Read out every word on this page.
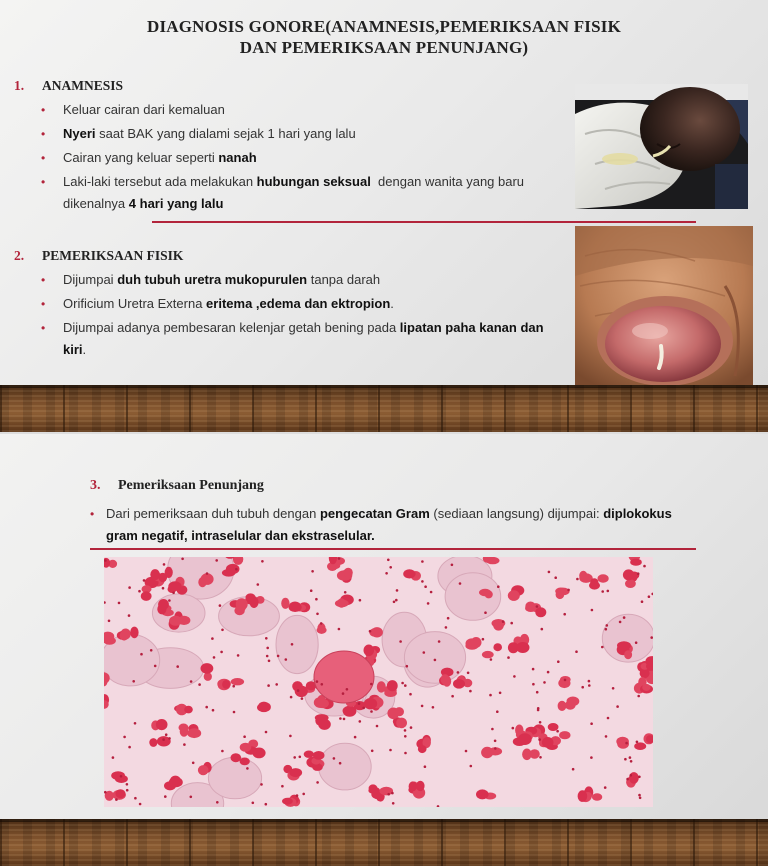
DIAGNOSIS GONORE(ANAMNESIS,PEMERIKSAAN FISIK
DAN PEMERIKSAAN PENUNJANG)
1. ANAMNESIS
• Keluar cairan dari kemaluan
• Nyeri saat BAK yang dialami sejak 1 hari yang lalu
• Cairan yang keluar seperti nanah
• Laki-laki tersebut ada melakukan hubungan seksual  dengan wanita yang baru dikenalnya 4 hari yang lalu
2. PEMERIKSAAN FISIK
• Dijumpai duh tubuh uretra mukopurulen tanpa darah
• Orificium Uretra Externa eritema ,edema dan ektropion.
• Dijumpai adanya pembesaran kelenjar getah bening pada lipatan paha kanan dan kiri.
3. Pemeriksaan Penunjang
• Dari pemeriksaan duh tubuh dengan pengecatan Gram (sediaan langsung) dijumpai: diplokokus gram negatif, intraselular dan ekstraselular.
